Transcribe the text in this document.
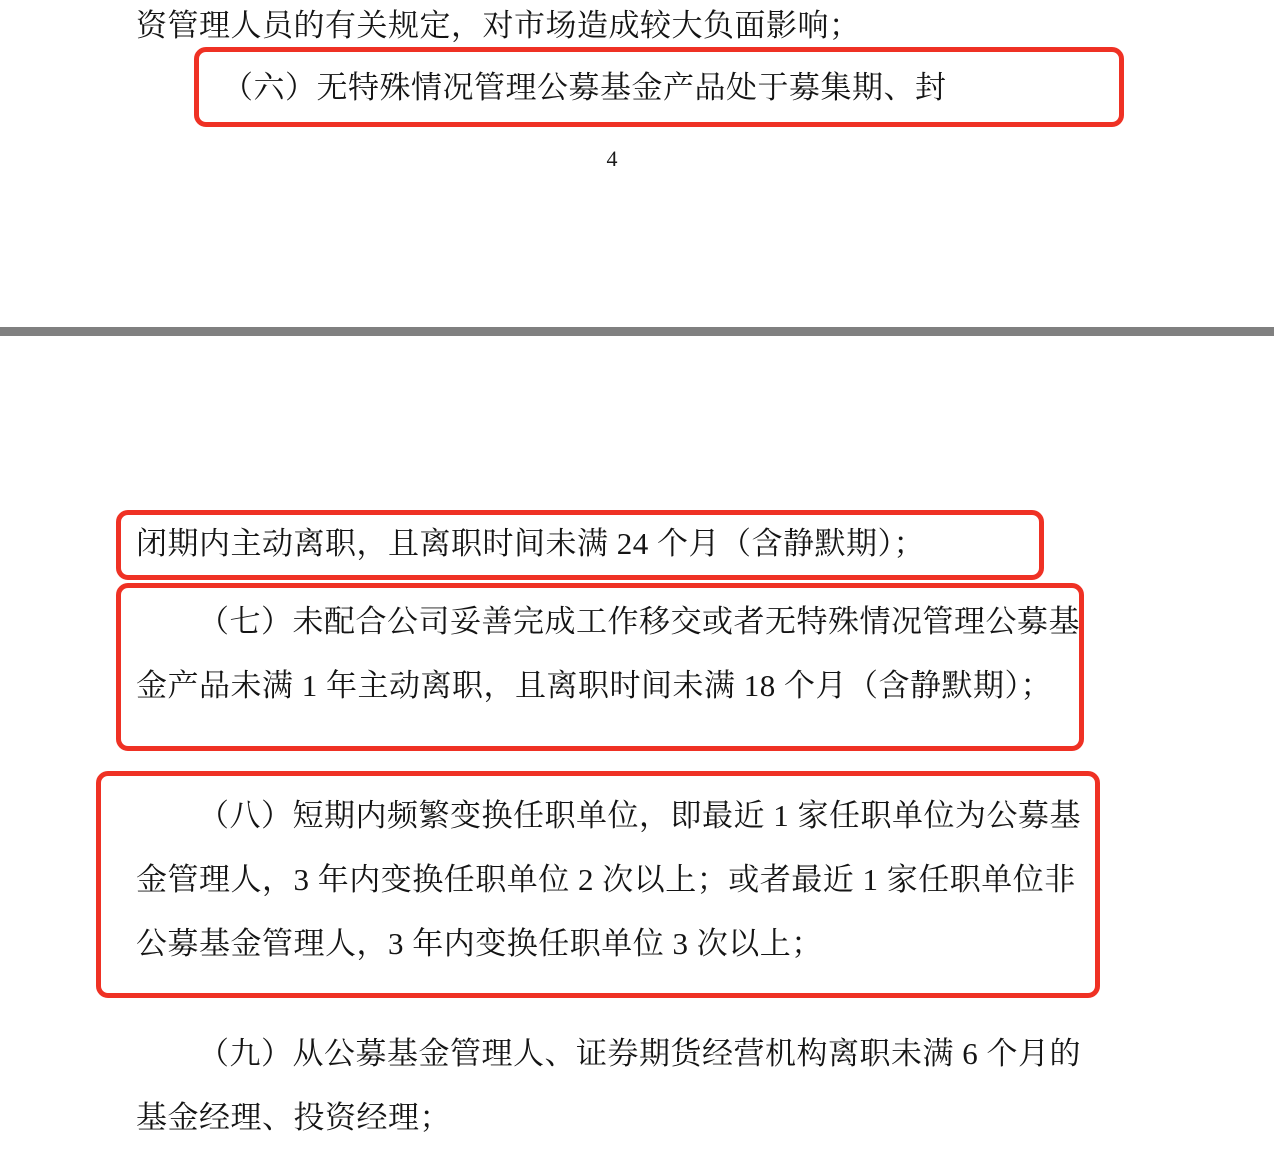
资管理人员的有关规定，对市场造成较大负面影响；
（六）无特殊情况管理公募基金产品处于募集期、封
4
闭期内主动离职，且离职时间未满 24 个月（含静默期）；
（七）未配合公司妥善完成工作移交或者无特殊情况管理公募基金产品未满 1 年主动离职，且离职时间未满 18 个月（含静默期）；
（八）短期内频繁变换任职单位，即最近 1 家任职单位为公募基金管理人，3 年内变换任职单位 2 次以上；或者最近 1 家任职单位非公募基金管理人，3 年内变换任职单位 3 次以上；
（九）从公募基金管理人、证券期货经营机构离职未满 6 个月的基金经理、投资经理；
